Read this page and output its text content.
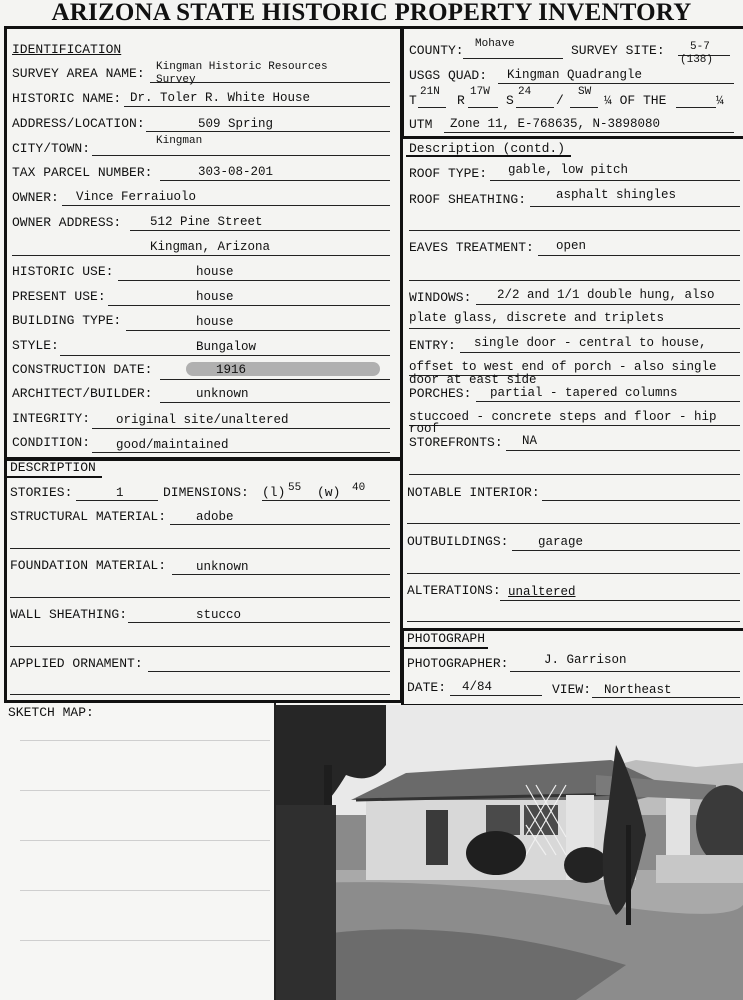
ARIZONA STATE HISTORIC PROPERTY INVENTORY
IDENTIFICATION
SURVEY AREA NAME: Kingman Historic Resources
Survey
HISTORIC NAME: Dr. Toler R. White House
ADDRESS/LOCATION:	509 Spring
CITY/TOWN:	Kingman
TAX PARCEL NUMBER:	303-08-201
OWNER: Vince Ferraiuolo
OWNER ADDRESS: 512 Pine Street
Kingman, Arizona
HISTORIC USE:	house
PRESENT USE:	house
BUILDING TYPE:	house
STYLE:	Bungalow
CONSTRUCTION DATE:	1916
ARCHITECT/BUILDER:	unknown
INTEGRITY: original site/unaltered
CONDITION: good/maintained
COUNTY: Mohave	SURVEY SITE: 5-7
(138)
USGS QUAD: Kingman Quadrangle
T
21N
R
17W
S
24
/
SW
¼ OF THE	¼
UTM Zone 11, E-768635, N-3898080
Description (contd.)
ROOF TYPE: gable, low pitch
ROOF SHEATHING: asphalt shingles
EAVES TREATMENT: open
WINDOWS: 2/2 and 1/1 double hung, also
plate glass, discrete and triplets
ENTRY: single door - central to house,
offset to west end of porch - also single
door at east side
PORCHES: partial - tapered columns
stuccoed - concrete steps and floor - hip
roof
STOREFRONTS: NA
NOTABLE INTERIOR:
OUTBUILDINGS: garage
ALTERATIONS: unaltered
DESCRIPTION
STORIES:	1	DIMENSIONS: (l) 55 (w) 40
STRUCTURAL MATERIAL: adobe
FOUNDATION MATERIAL: unknown
WALL SHEATHING:	stucco
APPLIED ORNAMENT:
PHOTOGRAPH
PHOTOGRAPHER:	J. Garrison
DATE: 4/84	VIEW: Northeast
SKETCH MAP:
